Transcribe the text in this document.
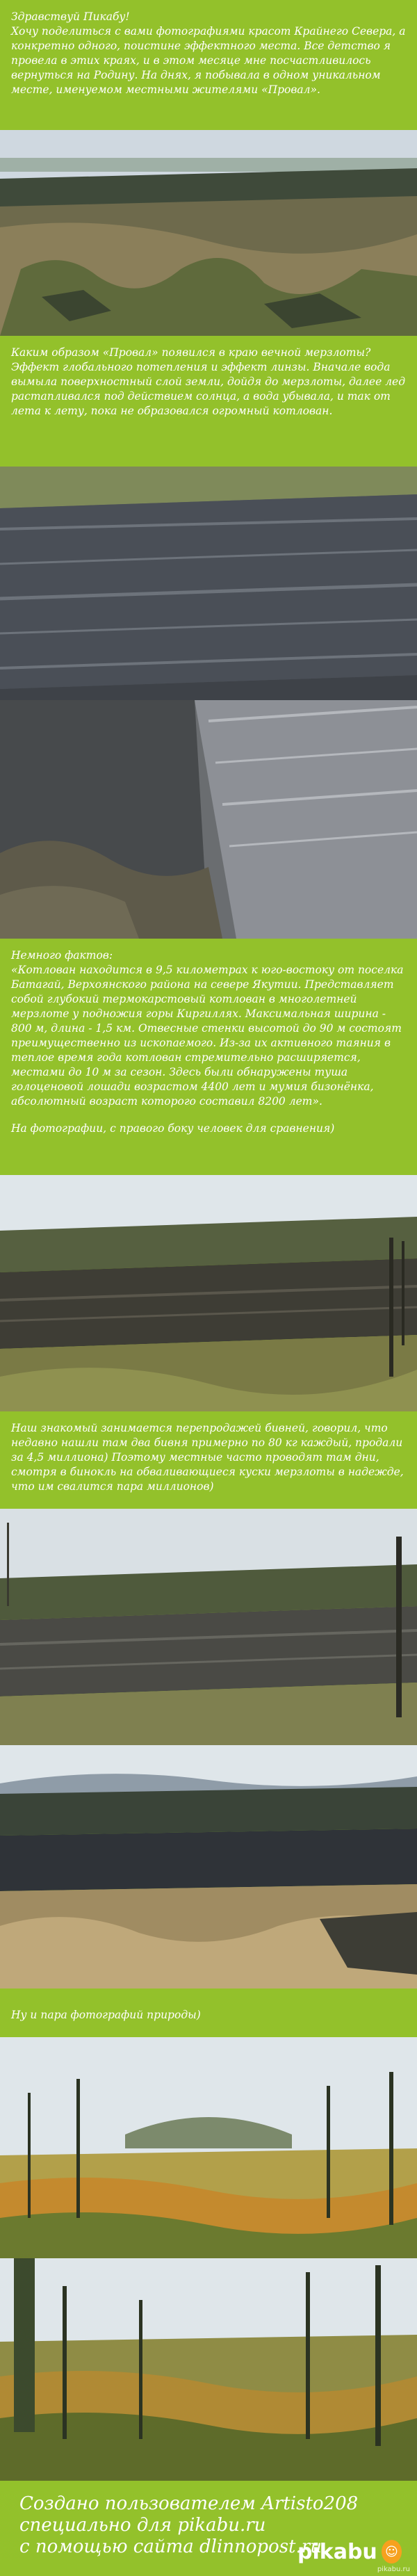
Здравствуй Пикабу!

Хочу поделиться с вами фотографиями красот Крайнего Севера, а конкретно одного, поистине эффектного места. Все детство я провела в этих краях, и в этом месяце мне посчастливилось вернуться на Родину. На днях, я побывала в одном уникальном месте, именуемом местными жителями «Провал».

Каким образом «Провал» появился в краю вечной мерзлоты? Эффект глобального потепления и эффект линзы. Вначале вода вымыла поверхностный слой земли, дойдя до мерзлоты, далее лед растапливался под действием солнца, а вода убывала, и так от лета к лету, пока не образовался огромный котлован.

Немного фактов:

«Котлован находится в 9,5 километрах к юго-востоку от поселка Батагай, Верхоянского района на севере Якутии. Представляет собой глубокий термокарстовый котлован в многолетней мерзлоте у подножия горы Киргиллях. Максимальная ширина - 800 м, длина - 1,5 км. Отвесные стенки высотой до 90 м состоят преимущественно из ископаемого. Из-за их активного таяния в теплое время года котлован стремительно расширяется, местами до 10 м за сезон. Здесь были обнаружены туша голоценовой лошади возрастом 4400 лет и мумия бизонёнка, абсолютный возраст которого составил 8200 лет».

На фотографии, с правого боку человек для сравнения)

Наш знакомый занимается перепродажей бивней, говорил, что недавно нашли там два бивня примерно по 80 кг каждый, продали за 4,5 миллиона) Поэтому местные часто проводят там дни, смотря в бинокль на обваливающиеся куски мерзлоты в надежде, что им свалится пара миллионов)

Ну и пара фотографий природы)

Создано пользователем Artisto208
специально для pikabu.ru
с помощью сайта dlinnopost.ru
pikabu ☺
pikabu.ru
